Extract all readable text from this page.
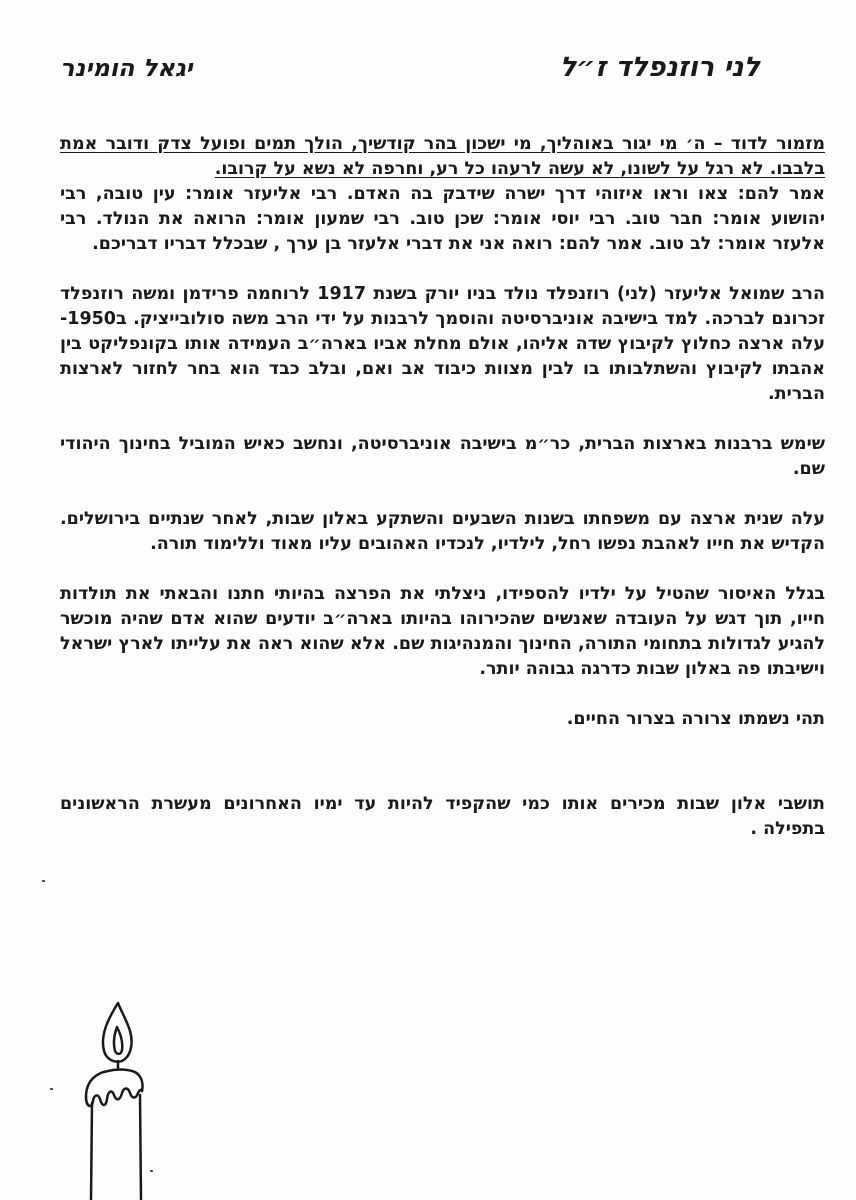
לני רוזנפלד ז״ל
יגאל הומינר

מזמור לדוד – ה׳ מי יגור באוהליך, מי ישכון בהר קודשיך, הולך תמים ופועל צדק ודובר אמת בלבבו. לא רגל על לשונו, לא עשה לרעהו כל רע, וחרפה לא נשא על קרובו.

אמר להם: צאו וראו איזוהי דרך ישרה שידבק בה האדם. רבי אליעזר אומר: עין טובה, רבי יהושוע אומר: חבר טוב. רבי יוסי אומר: שכן טוב. רבי שמעון אומר: הרואה את הנולד. רבי אלעזר אומר: לב טוב. אמר להם: רואה אני את דברי אלעזר בן ערך , שבכלל דבריו דבריכם.

הרב שמואל אליעזר (לני) רוזנפלד נולד בניו יורק בשנת 1917 לרוחמה פרידמן ומשה רוזנפלד זכרונם לברכה. למד בישיבה אוניברסיטה והוסמך לרבנות על ידי הרב משה סולובייציק. ב1950- עלה ארצה כחלוץ לקיבוץ שדה אליהו, אולם מחלת אביו בארה״ב העמידה אותו בקונפליקט בין אהבתו לקיבוץ והשתלבותו בו לבין מצוות כיבוד אב ואם, ובלב כבד הוא בחר לחזור לארצות הברית.

שימש ברבנות בארצות הברית, כר״מ בישיבה אוניברסיטה, ונחשב כאיש המוביל בחינוך היהודי שם.

עלה שנית ארצה עם משפחתו בשנות השבעים והשתקע באלון שבות, לאחר שנתיים בירושלים. הקדיש את חייו לאהבת נפשו רחל, לילדיו, לנכדיו האהובים עליו מאוד וללימוד תורה.

בגלל האיסור שהטיל על ילדיו להספידו, ניצלתי את הפרצה בהיותי חתנו והבאתי את תולדות חייו, תוך דגש על העובדה שאנשים שהכירוהו בהיותו בארה״ב יודעים שהוא אדם שהיה מוכשר להגיע לגדולות בתחומי התורה, החינוך והמנהיגות שם. אלא שהוא ראה את עלייתו לארץ ישראל וישיבתו פה באלון שבות כדרגה גבוהה יותר.

תהי נשמתו צרורה בצרור החיים.

תושבי אלון שבות מכירים אותו כמי שהקפיד להיות עד ימיו האחרונים מעשרת הראשונים בתפילה .
